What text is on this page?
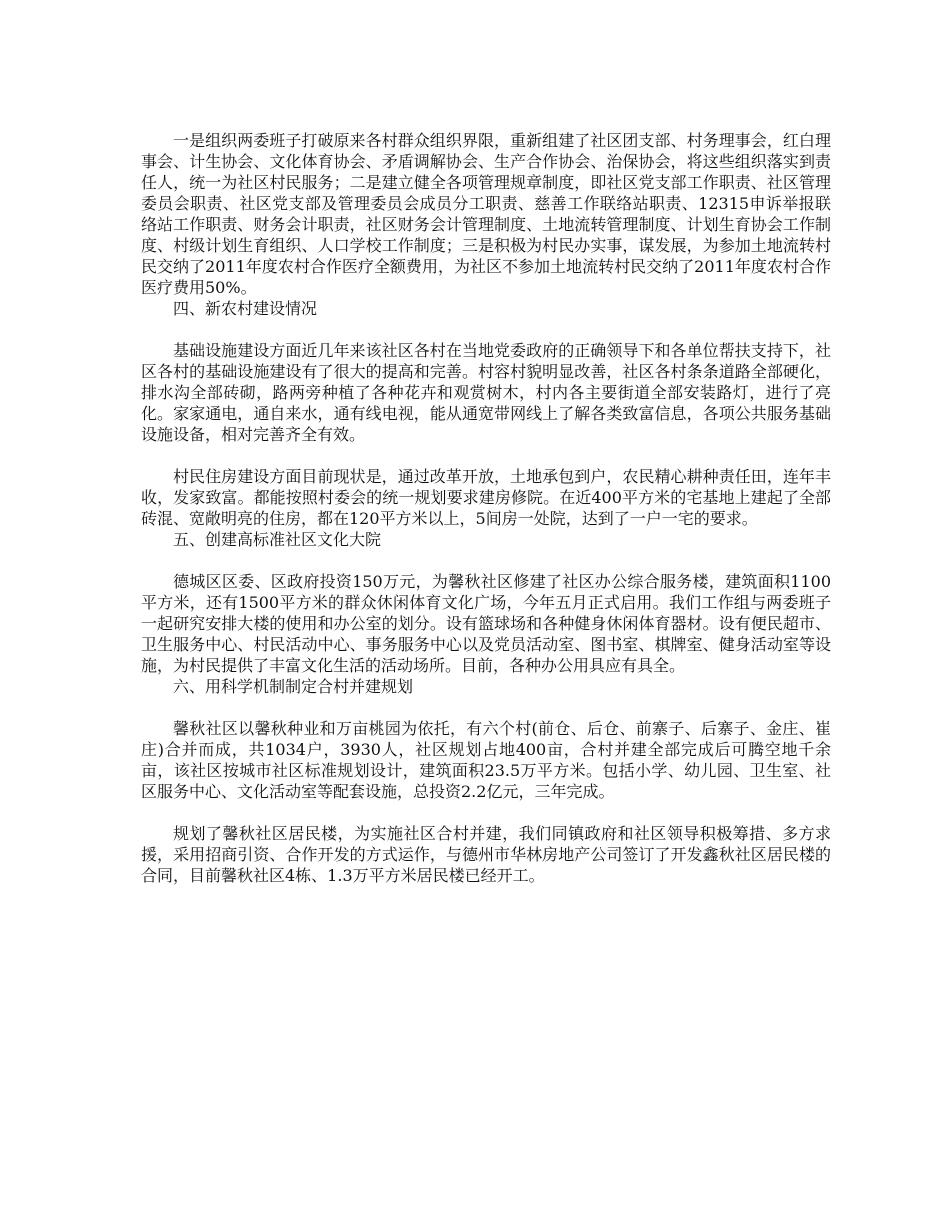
一是组织两委班子打破原来各村群众组织界限，重新组建了社区团支部、村务理事会，红白理事会、计生协会、文化体育协会、矛盾调解协会、生产合作协会、治保协会，将这些组织落实到责任人，统一为社区村民服务；二是建立健全各项管理规章制度，即社区党支部工作职责、社区管理委员会职责、社区党支部及管理委员会成员分工职责、慈善工作联络站职责、12315申诉举报联络站工作职责、财务会计职责，社区财务会计管理制度、土地流转管理制度、计划生育协会工作制度、村级计划生育组织、人口学校工作制度；三是积极为村民办实事，谋发展，为参加土地流转村民交纳了2011年度农村合作医疗全额费用，为社区不参加土地流转村民交纳了2011年度农村合作医疗费用50%。

四、新农村建设情况

基础设施建设方面近几年来该社区各村在当地党委政府的正确领导下和各单位帮扶支持下，社区各村的基础设施建设有了很大的提高和完善。村容村貌明显改善，社区各村条条道路全部硬化，排水沟全部砖砌，路两旁种植了各种花卉和观赏树木，村内各主要街道全部安装路灯，进行了亮化。家家通电，通自来水，通有线电视，能从通宽带网线上了解各类致富信息，各项公共服务基础设施设备，相对完善齐全有效。

村民住房建设方面目前现状是，通过改革开放，土地承包到户，农民精心耕种责任田，连年丰收，发家致富。都能按照村委会的统一规划要求建房修院。在近400平方米的宅基地上建起了全部砖混、宽敞明亮的住房，都在120平方米以上，5间房一处院，达到了一户一宅的要求。

五、创建高标准社区文化大院

德城区区委、区政府投资150万元，为馨秋社区修建了社区办公综合服务楼，建筑面积1100平方米，还有1500平方米的群众休闲体育文化广场，今年五月正式启用。我们工作组与两委班子一起研究安排大楼的使用和办公室的划分。设有篮球场和各种健身休闲体育器材。设有便民超市、卫生服务中心、村民活动中心、事务服务中心以及党员活动室、图书室、棋牌室、健身活动室等设施，为村民提供了丰富文化生活的活动场所。目前，各种办公用具应有具全。

六、用科学机制制定合村并建规划

馨秋社区以馨秋种业和万亩桃园为依托，有六个村(前仓、后仓、前寨子、后寨子、金庄、崔庄)合并而成，共1034户，3930人，社区规划占地400亩，合村并建全部完成后可腾空地千余亩，该社区按城市社区标准规划设计，建筑面积23.5万平方米。包括小学、幼儿园、卫生室、社区服务中心、文化活动室等配套设施，总投资2.2亿元，三年完成。

规划了馨秋社区居民楼，为实施社区合村并建，我们同镇政府和社区领导积极筹措、多方求援，采用招商引资、合作开发的方式运作，与德州市华林房地产公司签订了开发鑫秋社区居民楼的合同，目前馨秋社区4栋、1.3万平方米居民楼已经开工。
